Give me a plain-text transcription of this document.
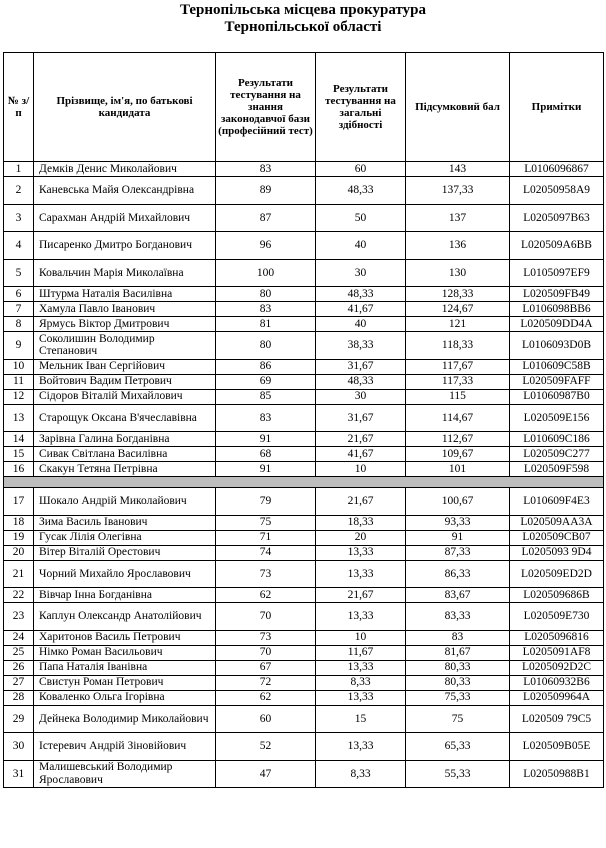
Тернопільська місцева прокуратура
Тернопільської області
№ з/п	Прізвище, ім'я, по батькові кандидата	Результати тестування на знання законодавчої бази (професійний тест)	Результати тестування на загальні здібності	Підсумковий бал	Примітки
1	Демків Денис Миколайович	83	60	143	L0106096867
2	Каневська Майя Олександрівна	89	48,33	137,33	L02050958A9
3	Сарахман Андрій Михайлович	87	50	137	L0205097B63
4	Писаренко Дмитро Богданович	96	40	136	L020509A6BB
5	Ковальчин Марія Миколаївна	100	30	130	L0105097EF9
6	Штурма Наталія Василівна	80	48,33	128,33	L020509FB49
7	Хамула Павло Іванович	83	41,67	124,67	L0106098BB6
8	Ярмусь Віктор Дмитрович	81	40	121	L020509DD4A
9	Соколишин Володимир Степанович	80	38,33	118,33	L0106093D0B
10	Мельник Іван Сергійович	86	31,67	117,67	L010609C58B
11	Войтович Вадим Петрович	69	48,33	117,33	L020509FAFF
12	Сідоров Віталій Михайлович	85	30	115	L01060987B0
13	Старощук Оксана В'ячеславівна	83	31,67	114,67	L020509E156
14	Зарівна Галина Богданівна	91	21,67	112,67	L010609C186
15	Сивак Світлана Василівна	68	41,67	109,67	L020509C277
16	Скакун Тетяна Петрівна	91	10	101	L020509F598

17	Шокало Андрій Миколайович	79	21,67	100,67	L010609F4E3
18	Зима Василь Іванович	75	18,33	93,33	L020509AA3A
19	Гусак Лілія Олегівна	71	20	91	L020509CB07
20	Вітер Віталій Орестович	74	13,33	87,33	L0205093 9D4
21	Чорний Михайло Ярославович	73	13,33	86,33	L020509ED2D
22	Вівчар Інна Богданівна	62	21,67	83,67	L020509686B
23	Каплун Олександр Анатолійович	70	13,33	83,33	L020509E730
24	Харитонов Василь Петрович	73	10	83	L0205096816
25	Німко Роман Васильович	70	11,67	81,67	L0205091AF8
26	Папа Наталія Іванівна	67	13,33	80,33	L0205092D2C
27	Свистун Роман Петрович	72	8,33	80,33	L01060932B6
28	Коваленко Ольга Ігорівна	62	13,33	75,33	L020509964A
29	Дейнека Володимир Миколайович	60	15	75	L020509 79C5
30	Істеревич Андрій Зіновійович	52	13,33	65,33	L020509B05E
31	Малишевський Володимир Ярославович	47	8,33	55,33	L02050988B1
